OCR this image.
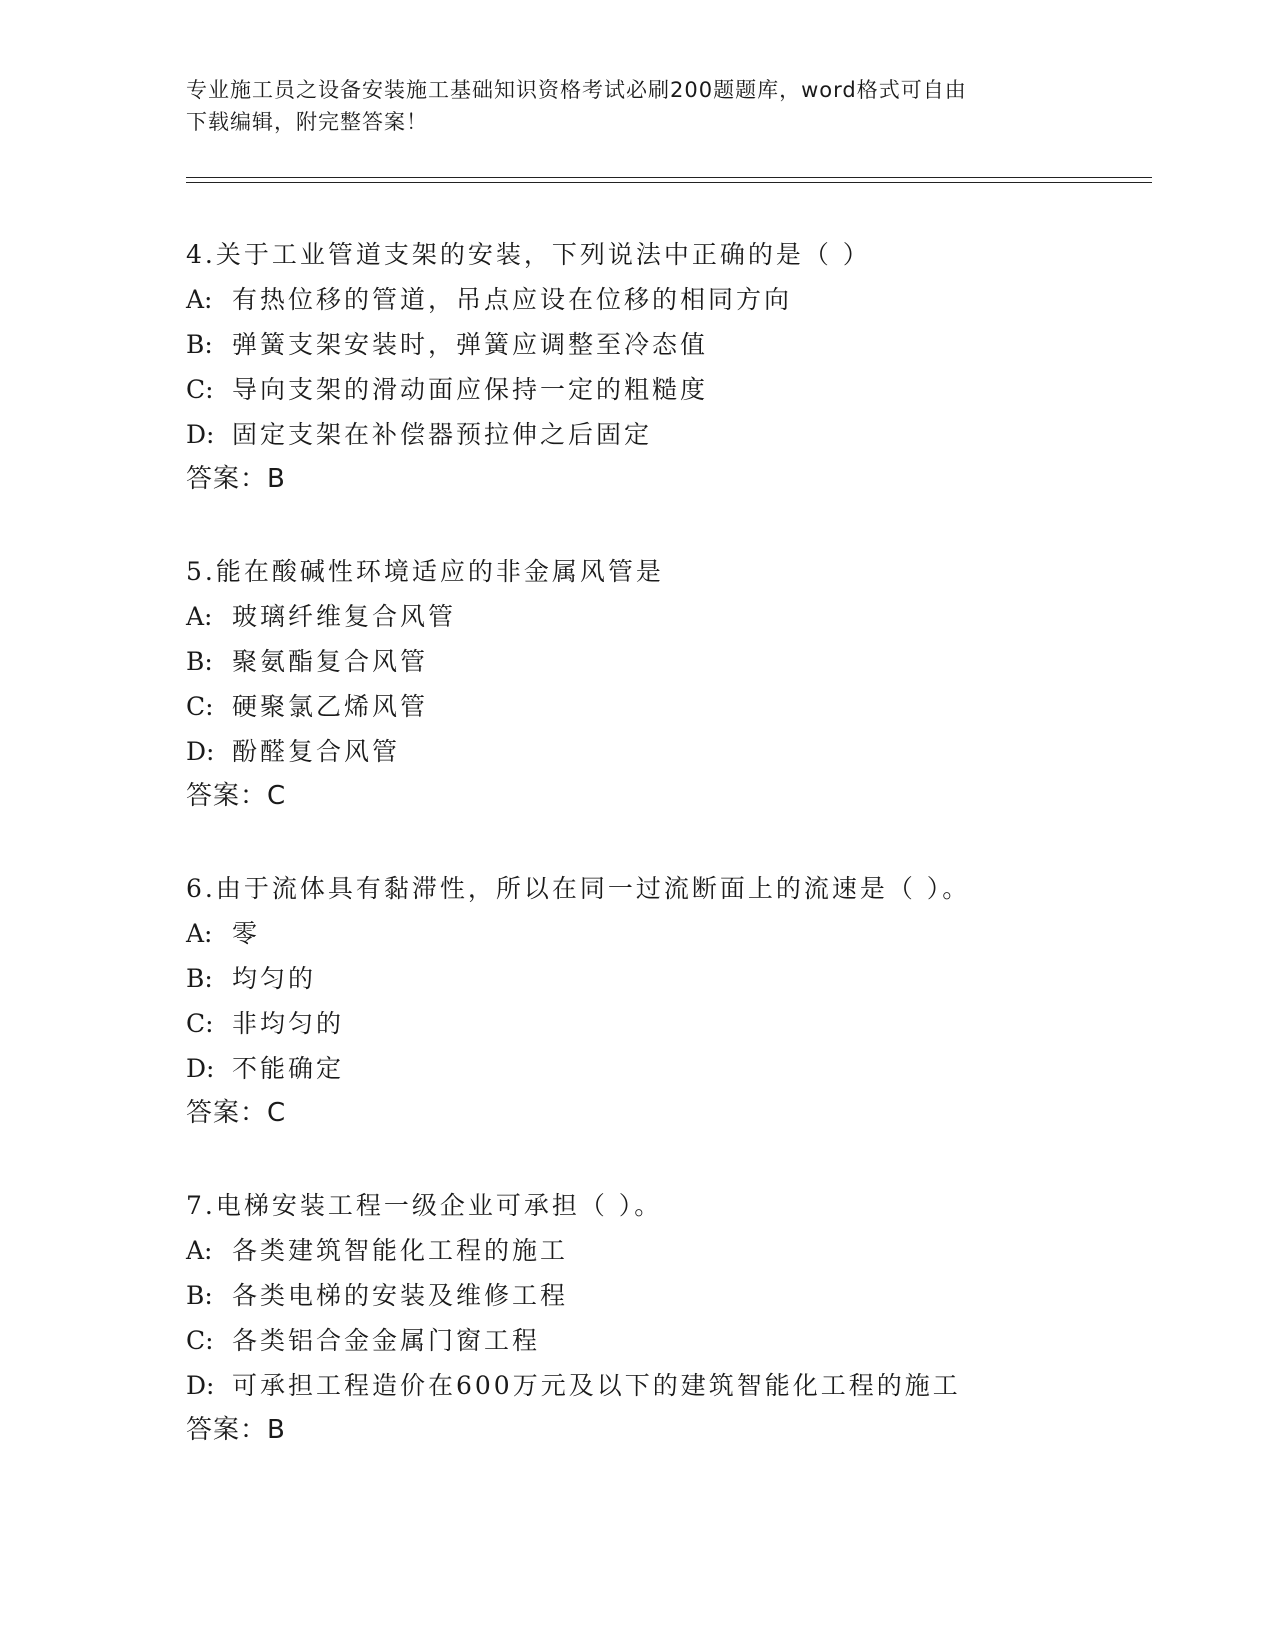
专业施工员之设备安装施工基础知识资格考试必刷200题题库，word格式可自由
下载编辑，附完整答案！
4.关于工业管道支架的安装，下列说法中正确的是（ ）
A: 有热位移的管道，吊点应设在位移的相同方向
B: 弹簧支架安装时，弹簧应调整至冷态值
C: 导向支架的滑动面应保持一定的粗糙度
D: 固定支架在补偿器预拉伸之后固定
答案：B
5.能在酸碱性环境适应的非金属风管是
A: 玻璃纤维复合风管
B: 聚氨酯复合风管
C: 硬聚氯乙烯风管
D: 酚醛复合风管
答案：C
6.由于流体具有黏滞性，所以在同一过流断面上的流速是（ ）。
A: 零
B: 均匀的
C: 非均匀的
D: 不能确定
答案：C
7.电梯安装工程一级企业可承担（ ）。
A: 各类建筑智能化工程的施工
B: 各类电梯的安装及维修工程
C: 各类铝合金金属门窗工程
D: 可承担工程造价在600万元及以下的建筑智能化工程的施工
答案：B
